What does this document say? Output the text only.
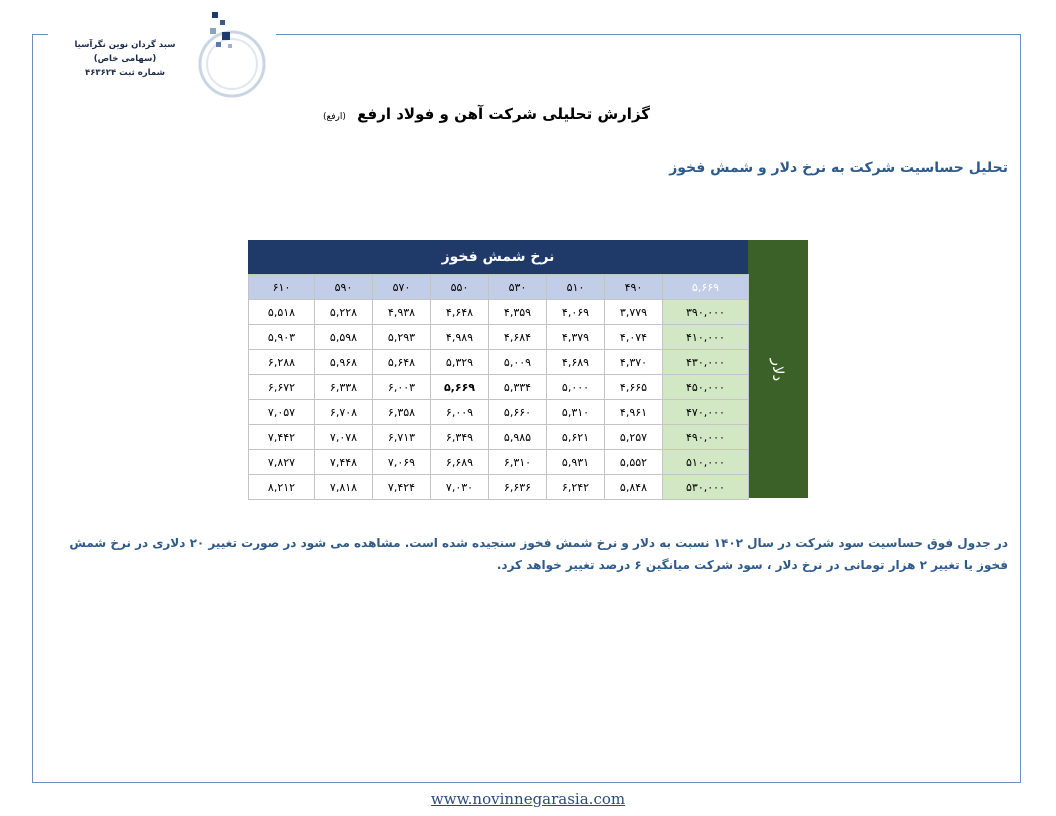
سبد گردان نوین نگرآسیا
(سهامی خاص)
شماره ثبت ۴۶۳۶۲۴
گزارش تحلیلی شرکت آهن و فولاد ارفع (ارفع)
تحلیل حساسیت شرکت به نرخ دلار و شمش فخوز
نرخ شمش فخوز
دلار
۵,۶۶۹	۴۹۰	۵۱۰	۵۳۰	۵۵۰	۵۷۰	۵۹۰	۶۱۰
۳۹۰,۰۰۰	۳,۷۷۹	۴,۰۶۹	۴,۳۵۹	۴,۶۴۸	۴,۹۳۸	۵,۲۲۸	۵,۵۱۸
۴۱۰,۰۰۰	۴,۰۷۴	۴,۳۷۹	۴,۶۸۴	۴,۹۸۹	۵,۲۹۳	۵,۵۹۸	۵,۹۰۳
۴۳۰,۰۰۰	۴,۳۷۰	۴,۶۸۹	۵,۰۰۹	۵,۳۲۹	۵,۶۴۸	۵,۹۶۸	۶,۲۸۸
۴۵۰,۰۰۰	۴,۶۶۵	۵,۰۰۰	۵,۳۳۴	۵,۶۶۹	۶,۰۰۳	۶,۳۳۸	۶,۶۷۲
۴۷۰,۰۰۰	۴,۹۶۱	۵,۳۱۰	۵,۶۶۰	۶,۰۰۹	۶,۳۵۸	۶,۷۰۸	۷,۰۵۷
۴۹۰,۰۰۰	۵,۲۵۷	۵,۶۲۱	۵,۹۸۵	۶,۳۴۹	۶,۷۱۳	۷,۰۷۸	۷,۴۴۲
۵۱۰,۰۰۰	۵,۵۵۲	۵,۹۳۱	۶,۳۱۰	۶,۶۸۹	۷,۰۶۹	۷,۴۴۸	۷,۸۲۷
۵۳۰,۰۰۰	۵,۸۴۸	۶,۲۴۲	۶,۶۳۶	۷,۰۳۰	۷,۴۲۴	۷,۸۱۸	۸,۲۱۲
در جدول فوق حساسیت سود شرکت در سال ۱۴۰۲ نسبت به دلار و نرخ شمش فخوز سنجیده شده است. مشاهده می شود در صورت تغییر ۲۰ دلاری در نرخ شمش فخوز یا تغییر ۲ هزار تومانی در نرخ دلار ، سود شرکت میانگین ۶ درصد تغییر خواهد کرد.
www.novinnegarasia.com
